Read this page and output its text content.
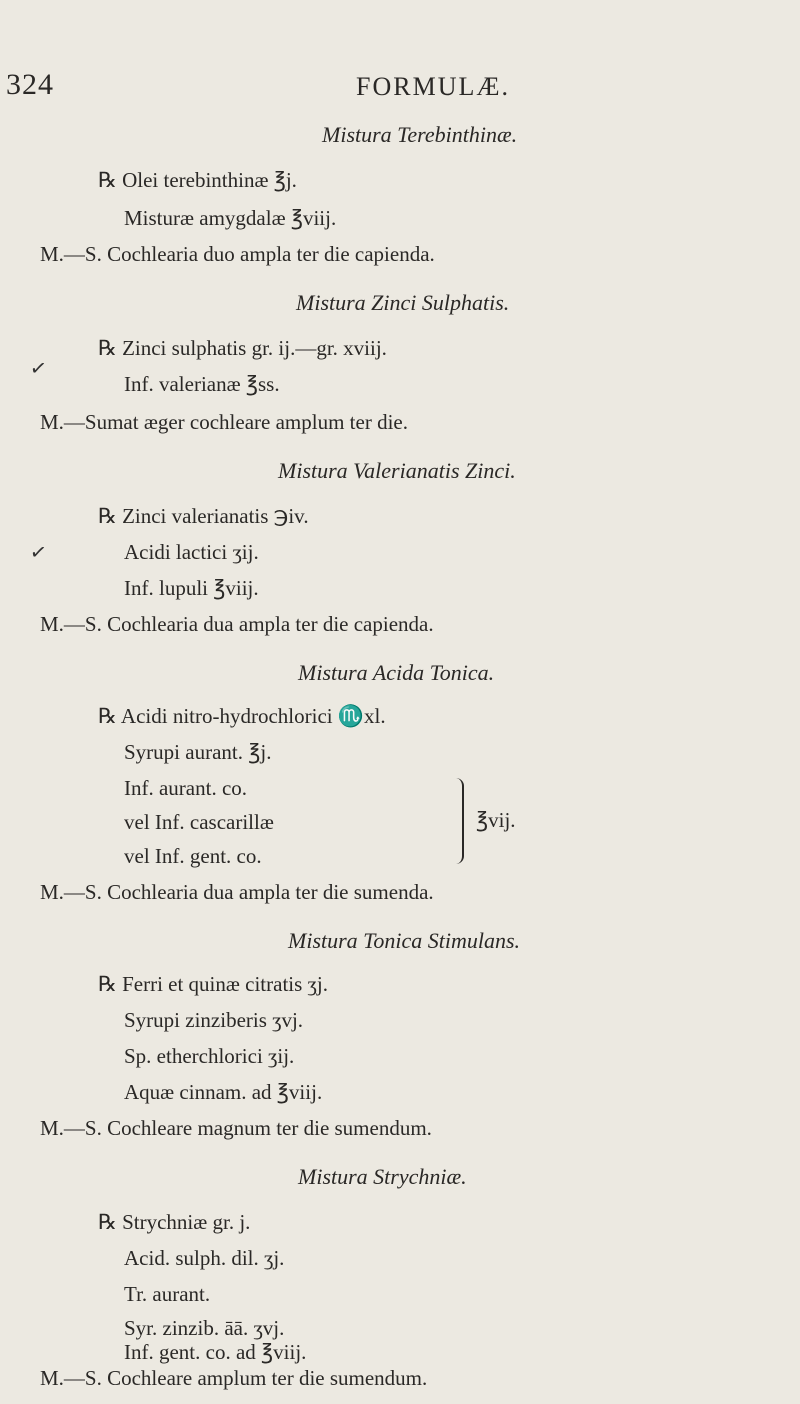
324	FORMULÆ.
Mistura Terebinthinæ.
℞ Olei terebinthinæ ℥j.
Misturæ amygdalæ ℥viij.
M.—S. Cochlearia duo ampla ter die capienda.
Mistura Zinci Sulphatis.
℞ Zinci sulphatis gr. ij.—gr. xviij.
✓
Inf. valerianæ ℥ss.
M.—Sumat æger cochleare amplum ter die.
Mistura Valerianatis Zinci.
℞ Zinci valerianatis ℈iv.
✓	Acidi lactici ʒij.
Inf. lupuli ℥viij.
M.—S. Cochlearia dua ampla ter die capienda.
Mistura Acida Tonica.
℞ Acidi nitro-hydrochlorici ♏xl.
Syrupi aurant. ℥j.
Inf. aurant. co.
vel Inf. cascarillæ
vel Inf. gent. co.
℥vij.
M.—S. Cochlearia dua ampla ter die sumenda.
Mistura Tonica Stimulans.
℞ Ferri et quinæ citratis ʒj.
Syrupi zinziberis ʒvj.
Sp. etherchlorici ʒij.
Aquæ cinnam. ad ℥viij.
M.—S. Cochleare magnum ter die sumendum.
Mistura Strychniæ.
℞ Strychniæ gr. j.
Acid. sulph. dil. ʒj.
Tr. aurant.
Syr. zinzib. āā. ʒvj.
Inf. gent. co. ad ℥viij.
M.—S. Cochleare amplum ter die sumendum.
